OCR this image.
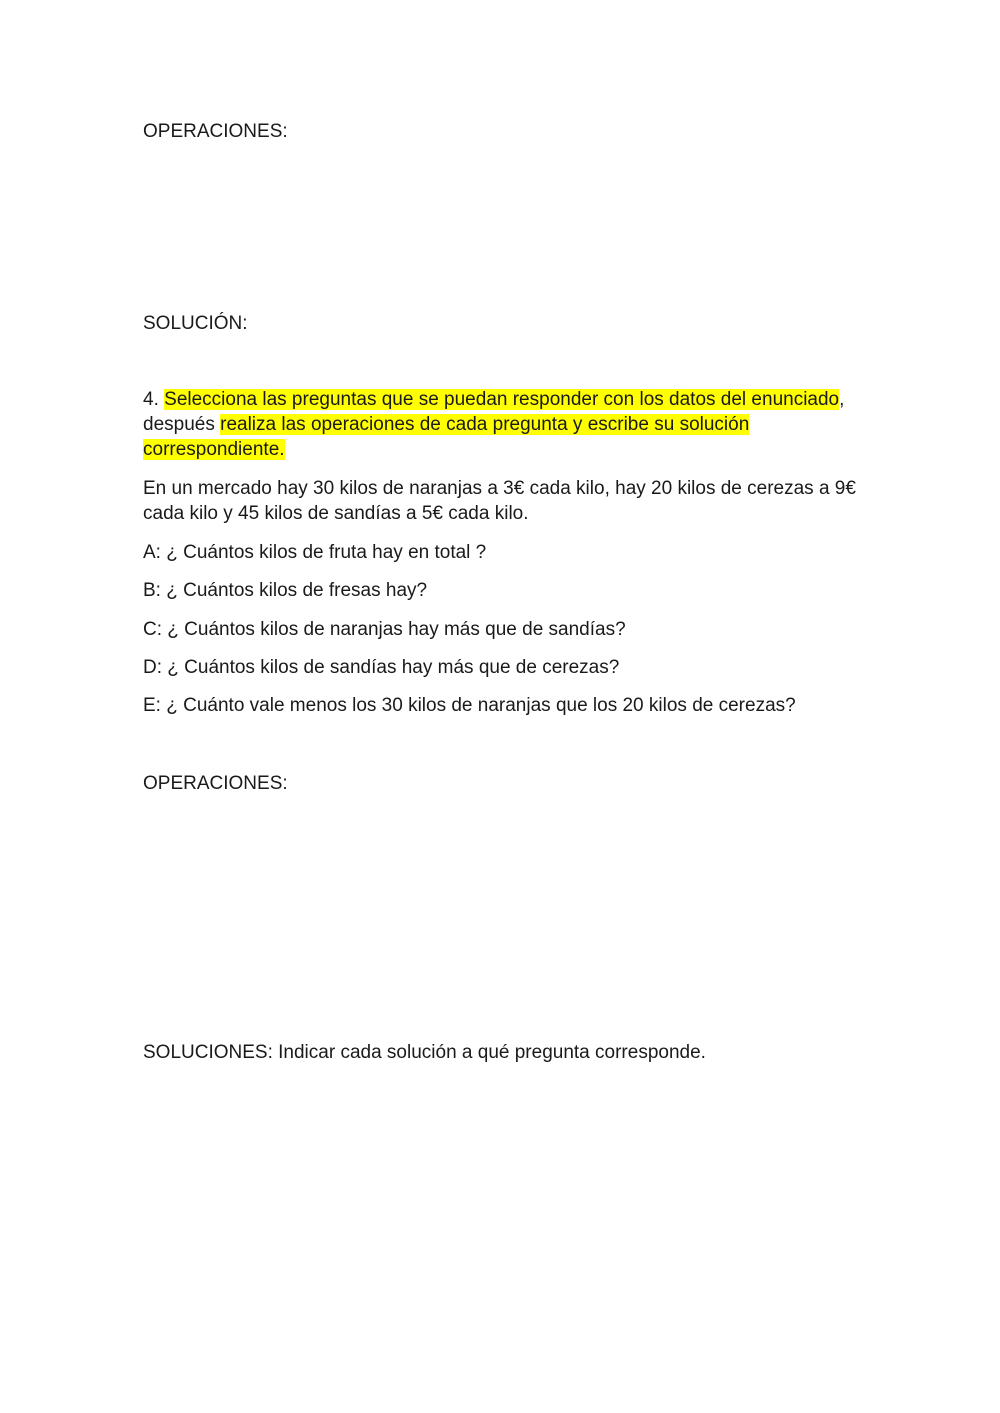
OPERACIONES:

SOLUCIÓN:

4. Selecciona las preguntas que se puedan responder con los datos del enunciado, después realiza las operaciones de cada pregunta y escribe su solución correspondiente.

En un mercado hay 30 kilos de naranjas a 3€ cada kilo, hay 20 kilos de cerezas a 9€ cada kilo y 45 kilos de sandías a 5€ cada kilo.

A: ¿ Cuántos kilos de fruta hay en total ?

B: ¿ Cuántos kilos de fresas hay?

C: ¿ Cuántos kilos de naranjas hay más que de sandías?

D: ¿ Cuántos kilos de sandías hay más que de cerezas?

E: ¿ Cuánto vale menos los 30 kilos de naranjas que los 20 kilos de cerezas?

OPERACIONES:

SOLUCIONES: Indicar cada solución a qué pregunta corresponde.
